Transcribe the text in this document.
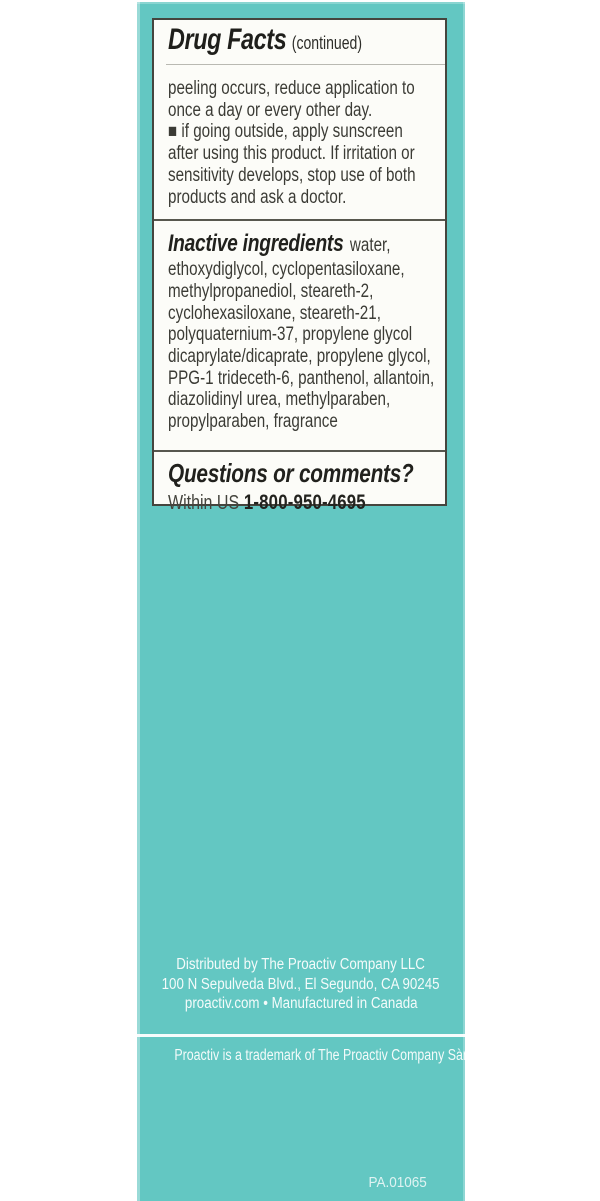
Drug Facts (continued)
peeling occurs, reduce application to
once a day or every other day.
■ if going outside, apply sunscreen
after using this product. If irritation or
sensitivity develops, stop use of both
products and ask a doctor.
Inactive ingredients water,
ethoxydiglycol, cyclopentasiloxane,
methylpropanediol, steareth-2,
cyclohexasiloxane, steareth-21,
polyquaternium-37, propylene glycol
dicaprylate/dicaprate, propylene glycol,
PPG-1 trideceth-6, panthenol, allantoin,
diazolidinyl urea, methylparaben,
propylparaben, fragrance
Questions or comments?
Within US 1-800-950-4695
Distributed by The Proactiv Company LLC
100 N Sepulveda Blvd., El Segundo, CA 90245
proactiv.com • Manufactured in Canada
Proactiv is a trademark of The Proactiv Company Sàrl.
PA.01065
